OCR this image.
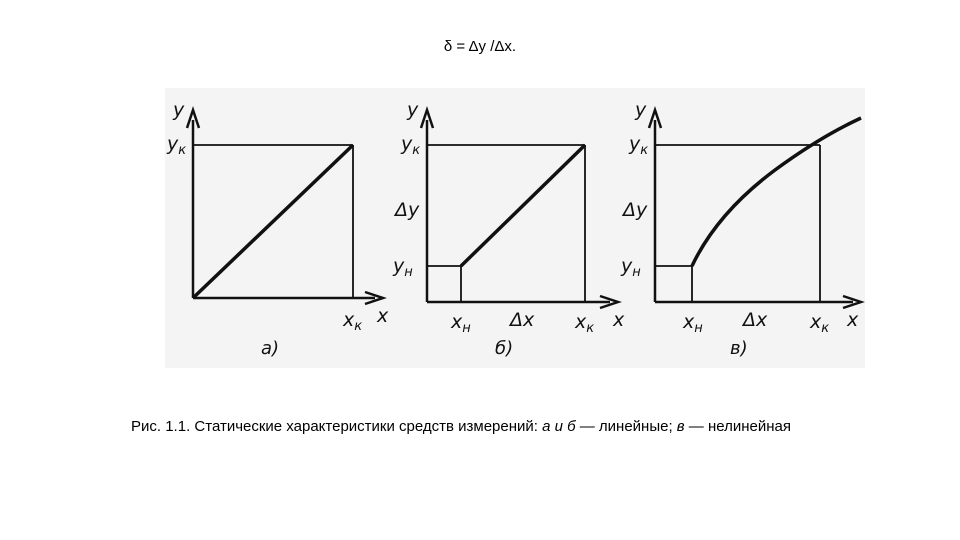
δ = Δy /Δx.
y
$y_к$
$x_к$ x
а)
y
$y_к$
Δy
$y_н$
$x_н$ Δx $x_к$ x
б)
y
$y_к$
Δy
$y_н$
$x_н$ Δx $x_к$ x
в)
Рис. 1.1. Статические характеристики средств измерений: а и б — линейные; в — нелинейная
